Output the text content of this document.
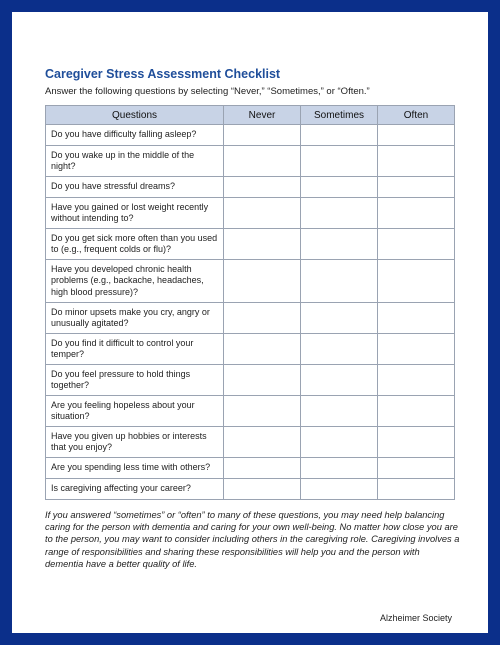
Caregiver Stress Assessment Checklist
Answer the following questions by selecting “Never,” “Sometimes,” or “Often.”
Questions	Never	Sometimes	Often
Do you have difficulty falling asleep?			
Do you wake up in the middle of the night?			
Do you have stressful dreams?			
Have you gained or lost weight recently without intending to?			
Do you get sick more often than you used to (e.g., frequent colds or flu)?			
Have you developed chronic health problems (e.g., backache, headaches, high blood pressure)?			
Do minor upsets make you cry, angry or unusually agitated?			
Do you find it difficult to control your temper?			
Do you feel pressure to hold things together?			
Are you feeling hopeless about your situation?			
Have you given up hobbies or interests that you enjoy?			
Are you spending less time with others?			
Is caregiving affecting your career?			
If you answered “sometimes” or “often” to many of these questions, you may need help balancing caring for the person with dementia and caring for your own well-being. No matter how close you are to the person, you may want to consider including others in the caregiving role. Caregiving involves a range of responsibilities and sharing these responsibilities will help you and the person with dementia have a better quality of life.
Alzheimer Society
